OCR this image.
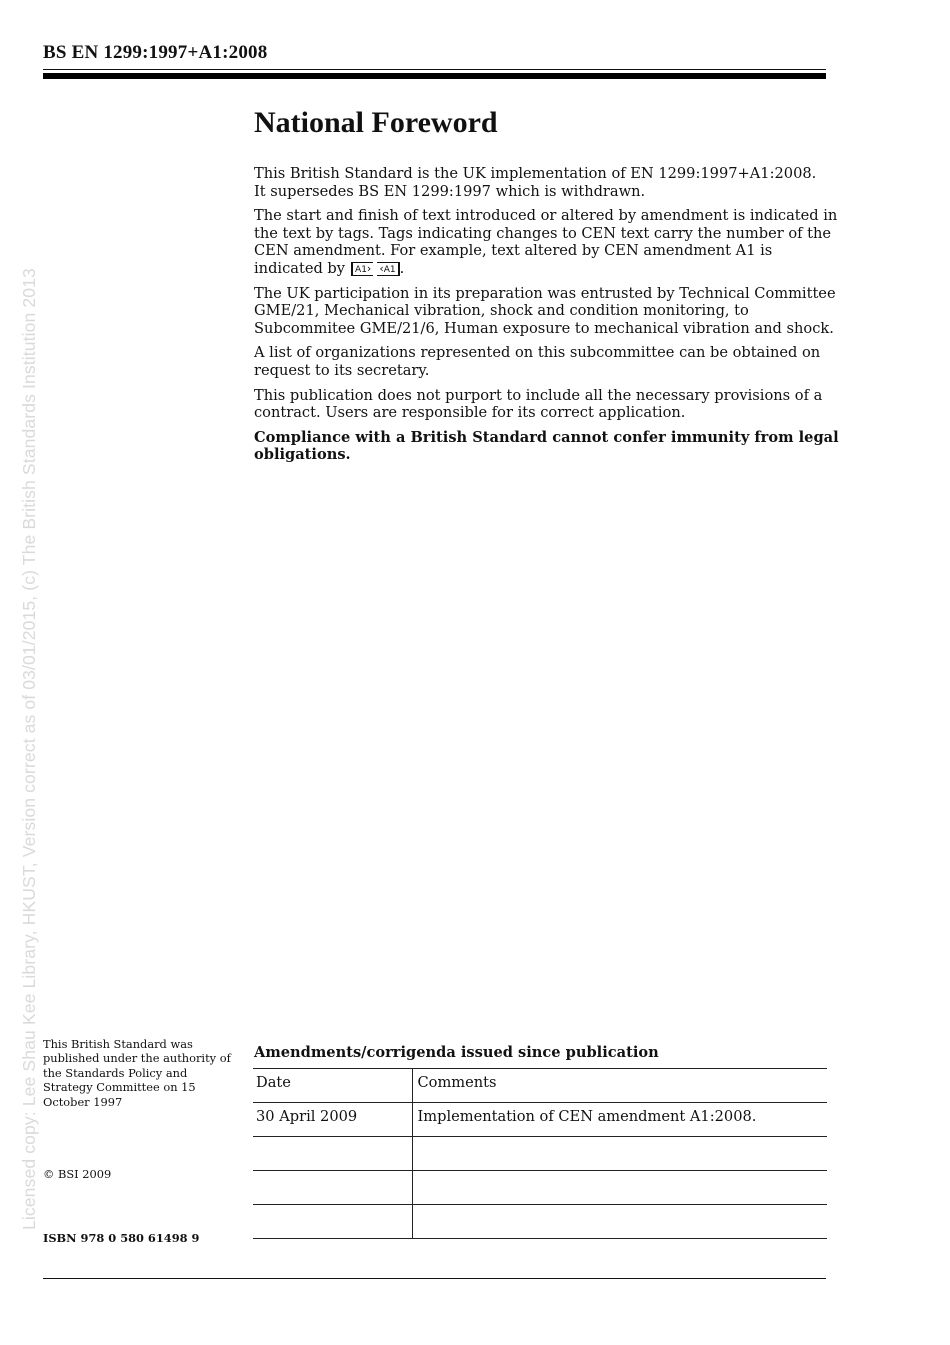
BS EN 1299:1997+A1:2008
Licensed copy: Lee Shau Kee Library, HKUST, Version correct as of 03/01/2015, (c) The British Standards Institution 2013
National Foreword

This British Standard is the UK implementation of EN 1299:1997+A1:2008.
It supersedes BS EN 1299:1997 which is withdrawn.

The start and finish of text introduced or altered by amendment is indicated in the text by tags. Tags indicating changes to CEN text carry the number of the CEN amendment. For example, text altered by CEN amendment A1 is indicated by A1 › ‹ A1 .

The UK participation in its preparation was entrusted by Technical Committee GME/21, Mechanical vibration, shock and condition monitoring, to Subcommitee GME/21/6, Human exposure to mechanical vibration and shock.

A list of organizations represented on this subcommittee can be obtained on request to its secretary.

This publication does not purport to include all the necessary provisions of a contract. Users are responsible for its correct application.

Compliance with a British Standard cannot confer immunity from legal obligations.

This British Standard was published under the authority of the Standards Policy and Strategy Committee on 15 October 1997
© BSI 2009
ISBN 978 0 580 61498 9
Amendments/corrigenda issued since publication
Date	Comments
30 April 2009	Implementation of CEN amendment A1:2008.
